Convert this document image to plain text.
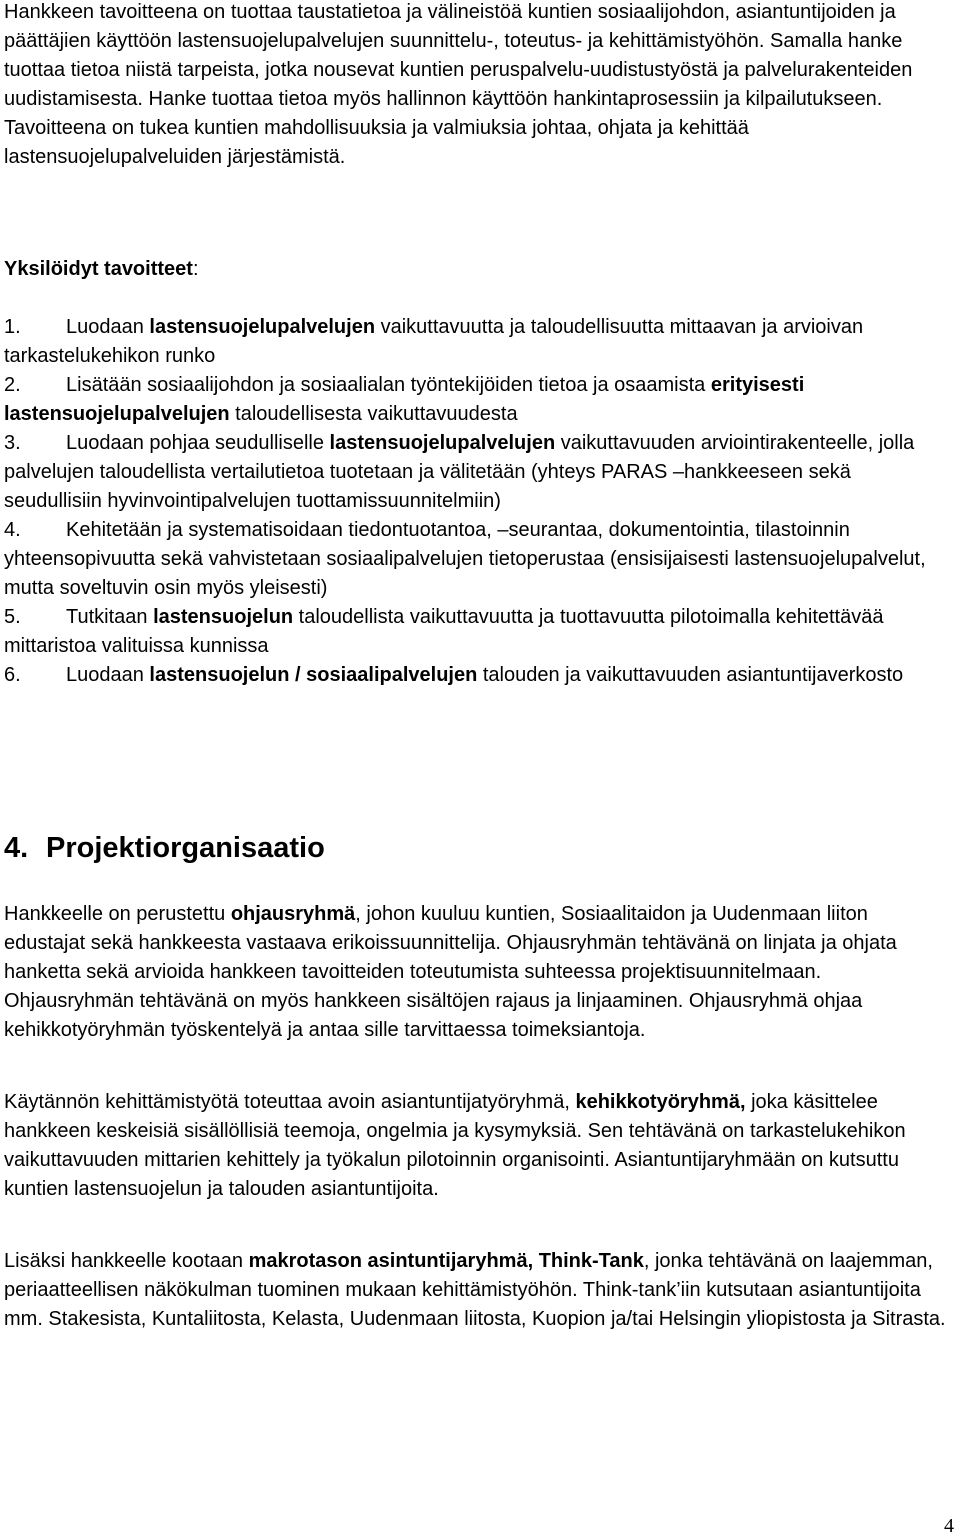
Hankkeen tavoitteena on tuottaa taustatietoa ja välineistöä kuntien sosiaalijohdon, asiantuntijoiden ja päättäjien käyttöön lastensuojelupalvelujen suunnittelu-, toteutus- ja kehittämistyöhön. Samalla hanke tuottaa tietoa niistä tarpeista, jotka nousevat kuntien peruspalvelu-uudistustyöstä ja palvelurakenteiden uudistamisesta. Hanke tuottaa tietoa myös hallinnon käyttöön hankintaprosessiin ja kilpailutukseen. Tavoitteena on tukea kuntien mahdollisuuksia ja valmiuksia johtaa, ohjata ja kehittää lastensuojelupalveluiden järjestämistä.

Yksilöidyt tavoitteet:
1. Luodaan lastensuojelupalvelujen vaikuttavuutta ja taloudellisuutta mittaavan ja arvioivan tarkastelukehikon runko
2. Lisätään sosiaalijohdon ja sosiaalialan työntekijöiden tietoa ja osaamista erityisesti lastensuojelupalvelujen taloudellisesta vaikuttavuudesta
3. Luodaan pohjaa seudulliselle lastensuojelupalvelujen vaikuttavuuden arviointirakenteelle, jolla palvelujen taloudellista vertailutietoa tuotetaan ja välitetään (yhteys PARAS –hankkeeseen sekä seudullisiin hyvinvointipalvelujen tuottamissuunnitelmiin)
4. Kehitetään ja systematisoidaan tiedontuotantoa, –seurantaa, dokumentointia, tilastoinnin yhteensopivuutta sekä vahvistetaan sosiaalipalvelujen tietoperustaa (ensisijaisesti lastensuojelupalvelut, mutta soveltuvin osin myös yleisesti)
5. Tutkitaan lastensuojelun taloudellista vaikuttavuutta ja tuottavuutta pilotoimalla kehitettävää mittaristoa valituissa kunnissa
6. Luodaan lastensuojelun / sosiaalipalvelujen talouden ja vaikuttavuuden asiantuntijaverkosto
4. Projektiorganisaatio

Hankkeelle on perustettu ohjausryhmä, johon kuuluu kuntien, Sosiaalitaidon ja Uudenmaan liiton edustajat sekä hankkeesta vastaava erikoissuunnittelija. Ohjausryhmän tehtävänä on linjata ja ohjata hanketta sekä arvioida hankkeen tavoitteiden toteutumista suhteessa projektisuunnitelmaan. Ohjausryhmän tehtävänä on myös hankkeen sisältöjen rajaus ja linjaaminen. Ohjausryhmä ohjaa kehikkotyöryhmän työskentelyä ja antaa sille tarvittaessa toimeksiantoja.

Käytännön kehittämistyötä toteuttaa avoin asiantuntijatyöryhmä, kehikkotyöryhmä, joka käsittelee hankkeen keskeisiä sisällöllisiä teemoja, ongelmia ja kysymyksiä. Sen tehtävänä on tarkastelukehikon vaikuttavuuden mittarien kehittely ja työkalun pilotoinnin organisointi. Asiantuntijaryhmään on kutsuttu kuntien lastensuojelun ja talouden asiantuntijoita.

Lisäksi hankkeelle kootaan makrotason asintuntijaryhmä, Think-Tank, jonka tehtävänä on laajemman, periaatteellisen näkökulman tuominen mukaan kehittämistyöhön. Think-tank’iin kutsutaan asiantuntijoita mm. Stakesista, Kuntaliitosta, Kelasta, Uudenmaan liitosta, Kuopion ja/tai Helsingin yliopistosta ja Sitrasta.

4
